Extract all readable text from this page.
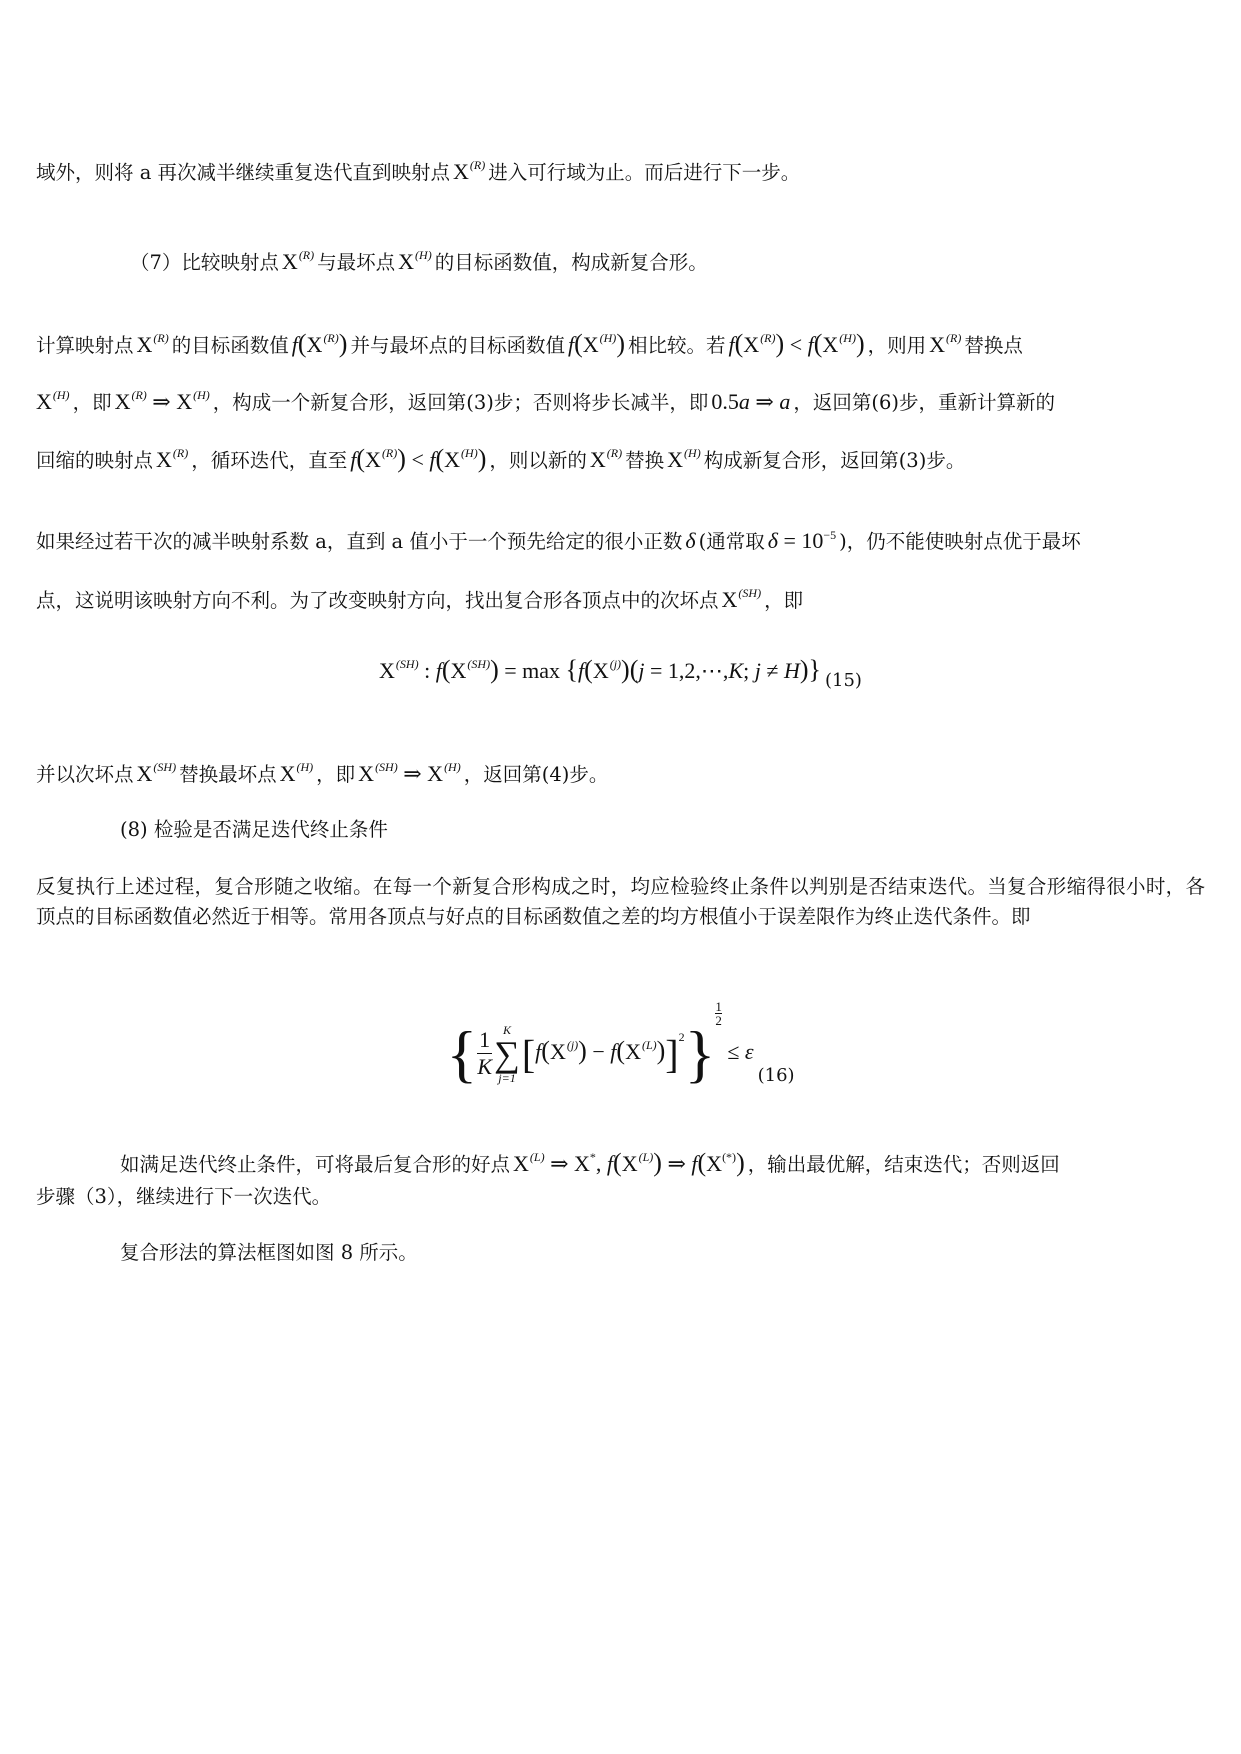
域外，则将 a 再次减半继续重复迭代直到映射点 $X^{(R)}$ 进入可行域为止。而后进行下一步。
（7）比较映射点 $X^{(R)}$ 与最坏点 $X^{(H)}$ 的目标函数值，构成新复合形。
计算映射点 $X^{(R)}$ 的目标函数值 $f(X^{(R)})$ 并与最坏点的目标函数值 $f(X^{(H)})$ 相比较。若 $f(X^{(R)}) < f(X^{(H)})$ ，则用 $X^{(R)}$ 替换点
$X^{(H)}$ ，即 $X^{(R)}$ ⇒ $X^{(H)}$ ，构成一个新复合形，返回第(3)步；否则将步长减半，即 0.5a ⇒ a ，返回第(6)步，重新计算新的
回缩的映射点 $X^{(R)}$ ，循环迭代，直至 $f(X^{(R)}) < f(X^{(H)})$ ，则以新的 $X^{(R)}$ 替换 $X^{(H)}$ 构成新复合形，返回第(3)步。
如果经过若干次的减半映射系数 a，直到 a 值小于一个预先给定的很小正数 δ (通常取 $\delta = 10^{-5}$ )，仍不能使映射点优于最坏
点，这说明该映射方向不利。为了改变映射方向，找出复合形各顶点中的次坏点 $X^{(SH)}$ ，即
$X^{(SH)}$ : $f(X^{(SH)}) = \max \{f(X^{(j)})(j$ = 1,2,⋯,K; j ≠ H)} $_{(15)}$
并以次坏点 $X^{(SH)}$ 替换最坏点 $X^{(H)}$ ，即 $X^{(SH)}$ ⇒ $X^{(H)}$ ，返回第(4)步。
(8) 检验是否满足迭代终止条件
反复执行上述过程，复合形随之收缩。在每一个新复合形构成之时，均应检验终止条件以判别是否结束迭代。当复合形缩得很小时，各顶点的目标函数值必然近于相等。常用各顶点与好点的目标函数值之差的均方根值小于误差限作为终止迭代条件。即
{ $\frac{1}{K}$ K
∑
j=1
$[f(X^{(j)}) - f(X^{(L)})]^2$}
$\frac{1}{2}$
≤ $\varepsilon_{(16)}$
如满足迭代终止条件，可将最后复合形的好点 $X^{(L)}$ ⇒ X*, $f(X^{(L)})$ ⇒ f(X(*)) ，输出最优解，结束迭代；否则返回
步骤（3），继续进行下一次迭代。
复合形法的算法框图如图 8 所示。
